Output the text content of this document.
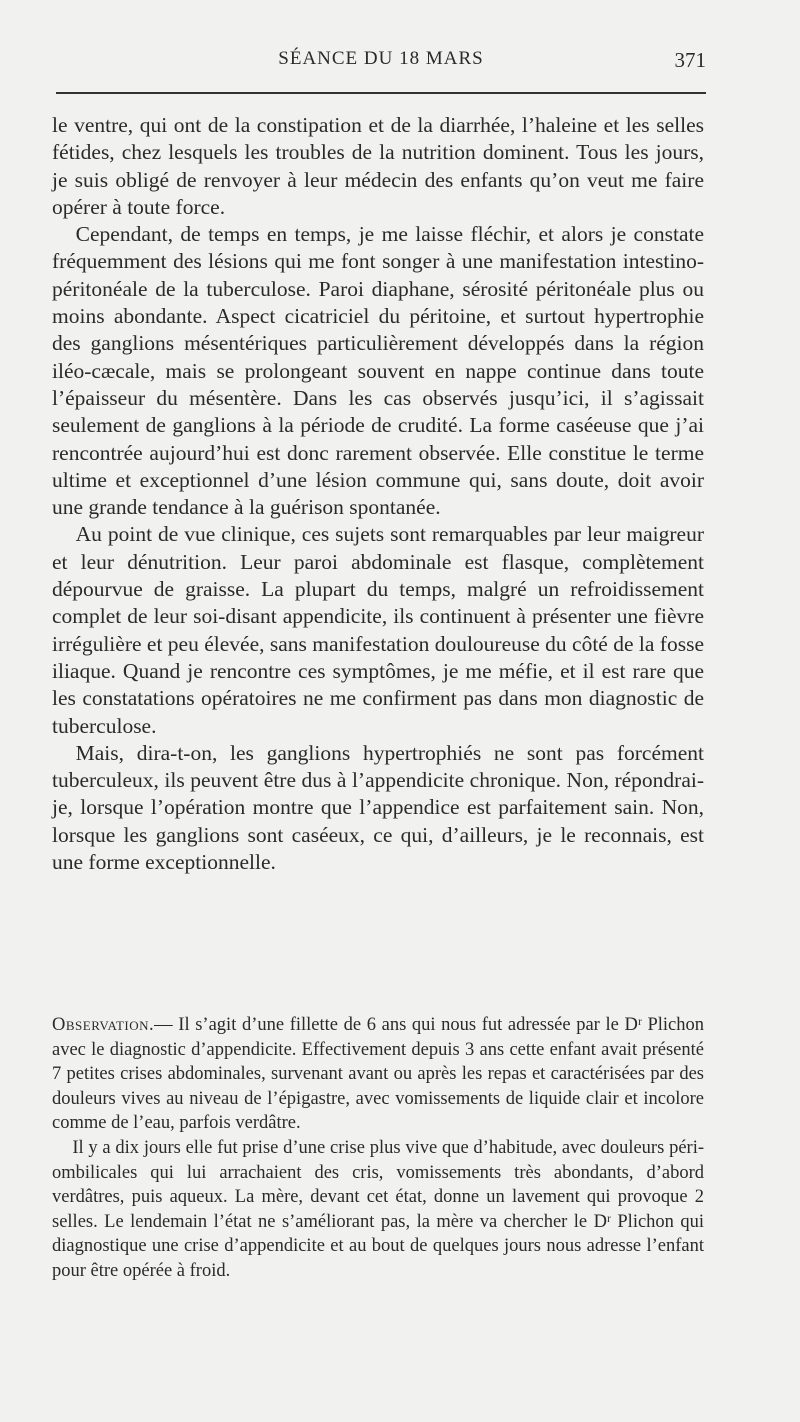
SÉANCE DU 18 MARS	371

le ventre, qui ont de la constipation et de la diarrhée, l’haleine et les selles fétides, chez lesquels les troubles de la nutrition dominent. Tous les jours, je suis obligé de renvoyer à leur médecin des enfants qu’on veut me faire opérer à toute force.

Cependant, de temps en temps, je me laisse fléchir, et alors je constate fréquemment des lésions qui me font songer à une manifestation intestino-péritonéale de la tuberculose. Paroi diaphane, sérosité péritonéale plus ou moins abondante. Aspect cicatriciel du péritoine, et surtout hypertrophie des ganglions mésentériques particulièrement développés dans la région iléo-cæcale, mais se prolongeant souvent en nappe continue dans toute l’épaisseur du mésentère. Dans les cas observés jusqu’ici, il s’agissait seulement de ganglions à la période de crudité. La forme caséeuse que j’ai rencontrée aujourd’hui est donc rarement observée. Elle constitue le terme ultime et exceptionnel d’une lésion commune qui, sans doute, doit avoir une grande tendance à la guérison spontanée.

Au point de vue clinique, ces sujets sont remarquables par leur maigreur et leur dénutrition. Leur paroi abdominale est flasque, complètement dépourvue de graisse. La plupart du temps, malgré un refroidissement complet de leur soi-disant appendicite, ils continuent à présenter une fièvre irrégulière et peu élevée, sans manifestation douloureuse du côté de la fosse iliaque. Quand je rencontre ces symptômes, je me méfie, et il est rare que les constatations opératoires ne me confirment pas dans mon diagnostic de tuberculose.

Mais, dira-t-on, les ganglions hypertrophiés ne sont pas forcément tuberculeux, ils peuvent être dus à l’appendicite chronique. Non, répondrai-je, lorsque l’opération montre que l’appendice est parfaitement sain. Non, lorsque les ganglions sont caséeux, ce qui, d’ailleurs, je le reconnais, est une forme exceptionnelle.

Observation.— Il s’agit d’une fillette de 6 ans qui nous fut adressée par le Dʳ Plichon avec le diagnostic d’appendicite. Effectivement depuis 3 ans cette enfant avait présenté 7 petites crises abdominales, survenant avant ou après les repas et caractérisées par des douleurs vives au niveau de l’épigastre, avec vomissements de liquide clair et incolore comme de l’eau, parfois verdâtre.

Il y a dix jours elle fut prise d’une crise plus vive que d’habitude, avec douleurs péri-ombilicales qui lui arrachaient des cris, vomissements très abondants, d’abord verdâtres, puis aqueux. La mère, devant cet état, donne un lavement qui provoque 2 selles. Le lendemain l’état ne s’améliorant pas, la mère va chercher le Dʳ Plichon qui diagnostique une crise d’appendicite et au bout de quelques jours nous adresse l’enfant pour être opérée à froid.
